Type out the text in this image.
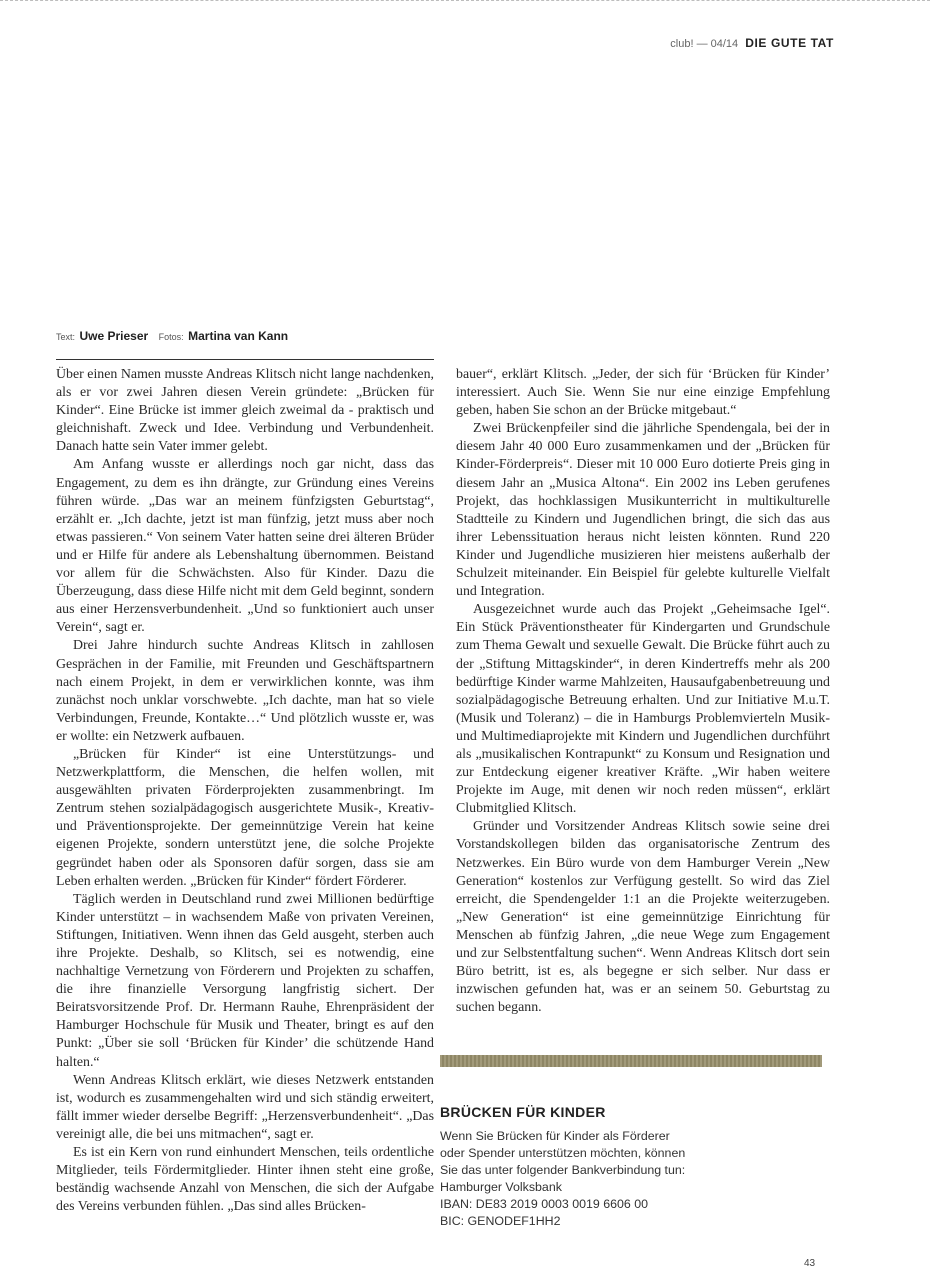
club! — 04/14 DIE GUTE TAT
Text: Uwe Prieser Fotos: Martina van Kann

Über einen Namen musste Andreas Klitsch nicht lange nachdenken, als er vor zwei Jahren diesen Verein gründete: „Brücken für Kinder“. Eine Brücke ist immer gleich zweimal da - praktisch und gleichnishaft. Zweck und Idee. Verbindung und Verbundenheit. Danach hatte sein Vater immer gelebt.

Am Anfang wusste er allerdings noch gar nicht, dass das Engagement, zu dem es ihn drängte, zur Gründung eines Vereins führen würde. „Das war an meinem fünfzigsten Geburtstag“, erzählt er. „Ich dachte, jetzt ist man fünfzig, jetzt muss aber noch etwas passieren.“ Von seinem Vater hatten seine drei älteren Brüder und er Hilfe für andere als Lebenshaltung übernommen. Beistand vor allem für die Schwächsten. Also für Kinder. Dazu die Überzeugung, dass diese Hilfe nicht mit dem Geld beginnt, sondern aus einer Herzensverbundenheit. „Und so funktioniert auch unser Verein“, sagt er.

Drei Jahre hindurch suchte Andreas Klitsch in zahllosen Gesprächen in der Familie, mit Freunden und Geschäftspartnern nach einem Projekt, in dem er verwirklichen konnte, was ihm zunächst noch unklar vorschwebte. „Ich dachte, man hat so viele Verbindungen, Freunde, Kontakte…“ Und plötzlich wusste er, was er wollte: ein Netzwerk aufbauen.

„Brücken für Kinder“ ist eine Unterstützungs- und Netzwerkplattform, die Menschen, die helfen wollen, mit ausgewählten privaten Förderprojekten zusammenbringt. Im Zentrum stehen sozialpädagogisch ausgerichtete Musik-, Kreativ- und Präventionsprojekte. Der gemeinnützige Verein hat keine eigenen Projekte, sondern unterstützt jene, die solche Projekte gegründet haben oder als Sponsoren dafür sorgen, dass sie am Leben erhalten werden. „Brücken für Kinder“ fördert Förderer.

Täglich werden in Deutschland rund zwei Millionen bedürftige Kinder unterstützt – in wachsendem Maße von privaten Vereinen, Stiftungen, Initiativen. Wenn ihnen das Geld ausgeht, sterben auch ihre Projekte. Deshalb, so Klitsch, sei es notwendig, eine nachhaltige Vernetzung von Förderern und Projekten zu schaffen, die ihre finanzielle Versorgung langfristig sichert. Der Beiratsvorsitzende Prof. Dr. Hermann Rauhe, Ehrenpräsident der Hamburger Hochschule für Musik und Theater, bringt es auf den Punkt: „Über sie soll ‘Brücken für Kinder’ die schützende Hand halten.“

Wenn Andreas Klitsch erklärt, wie dieses Netzwerk entstanden ist, wodurch es zusammengehalten wird und sich ständig erweitert, fällt immer wieder derselbe Begriff: „Herzensverbundenheit“. „Das vereinigt alle, die bei uns mitmachen“, sagt er.

Es ist ein Kern von rund einhundert Menschen, teils ordentliche Mitglieder, teils Fördermitglieder. Hinter ihnen steht eine große, beständig wachsende Anzahl von Menschen, die sich der Aufgabe des Vereins verbunden fühlen. „Das sind alles Brücken-

bauer“, erklärt Klitsch. „Jeder, der sich für ‘Brücken für Kinder’ interessiert. Auch Sie. Wenn Sie nur eine einzige Empfehlung geben, haben Sie schon an der Brücke mitgebaut.“

Zwei Brückenpfeiler sind die jährliche Spendengala, bei der in diesem Jahr 40 000 Euro zusammenkamen und der „Brücken für Kinder-Förderpreis“. Dieser mit 10 000 Euro dotierte Preis ging in diesem Jahr an „Musica Altona“. Ein 2002 ins Leben gerufenes Projekt, das hochklassigen Musikunterricht in multikulturelle Stadtteile zu Kindern und Jugendlichen bringt, die sich das aus ihrer Lebenssituation heraus nicht leisten könnten. Rund 220 Kinder und Jugendliche musizieren hier meistens außerhalb der Schulzeit miteinander. Ein Beispiel für gelebte kulturelle Vielfalt und Integration.

Ausgezeichnet wurde auch das Projekt „Geheimsache Igel“. Ein Stück Präventionstheater für Kindergarten und Grundschule zum Thema Gewalt und sexuelle Gewalt. Die Brücke führt auch zu der „Stiftung Mittagskinder“, in deren Kindertreffs mehr als 200 bedürftige Kinder warme Mahlzeiten, Hausaufgabenbetreuung und sozialpädagogische Betreuung erhalten. Und zur Initiative M.u.T. (Musik und Toleranz) – die in Hamburgs Problemvierteln Musik- und Multimediaprojekte mit Kindern und Jugendlichen durchführt als „musikalischen Kontrapunkt“ zu Konsum und Resignation und zur Entdeckung eigener kreativer Kräfte. „Wir haben weitere Projekte im Auge, mit denen wir noch reden müssen“, erklärt Clubmitglied Klitsch.

Gründer und Vorsitzender Andreas Klitsch sowie seine drei Vorstandskollegen bilden das organisatorische Zentrum des Netzwerkes. Ein Büro wurde von dem Hamburger Verein „New Generation“ kostenlos zur Verfügung gestellt. So wird das Ziel erreicht, die Spendengelder 1:1 an die Projekte weiterzugeben. „New Generation“ ist eine gemeinnützige Einrichtung für Menschen ab fünfzig Jahren, „die neue Wege zum Engagement und zur Selbstentfaltung suchen“. Wenn Andreas Klitsch dort sein Büro betritt, ist es, als begegne er sich selber. Nur dass er inzwischen gefunden hat, was er an seinem 50. Geburtstag zu suchen begann.

BRÜCKEN FÜR KINDER
Wenn Sie Brücken für Kinder als Förderer
oder Spender unterstützen möchten, können
Sie das unter folgender Bankverbindung tun:
Hamburger Volksbank
IBAN: DE83 2019 0003 0019 6606 00
BIC: GENODEF1HH2
43
